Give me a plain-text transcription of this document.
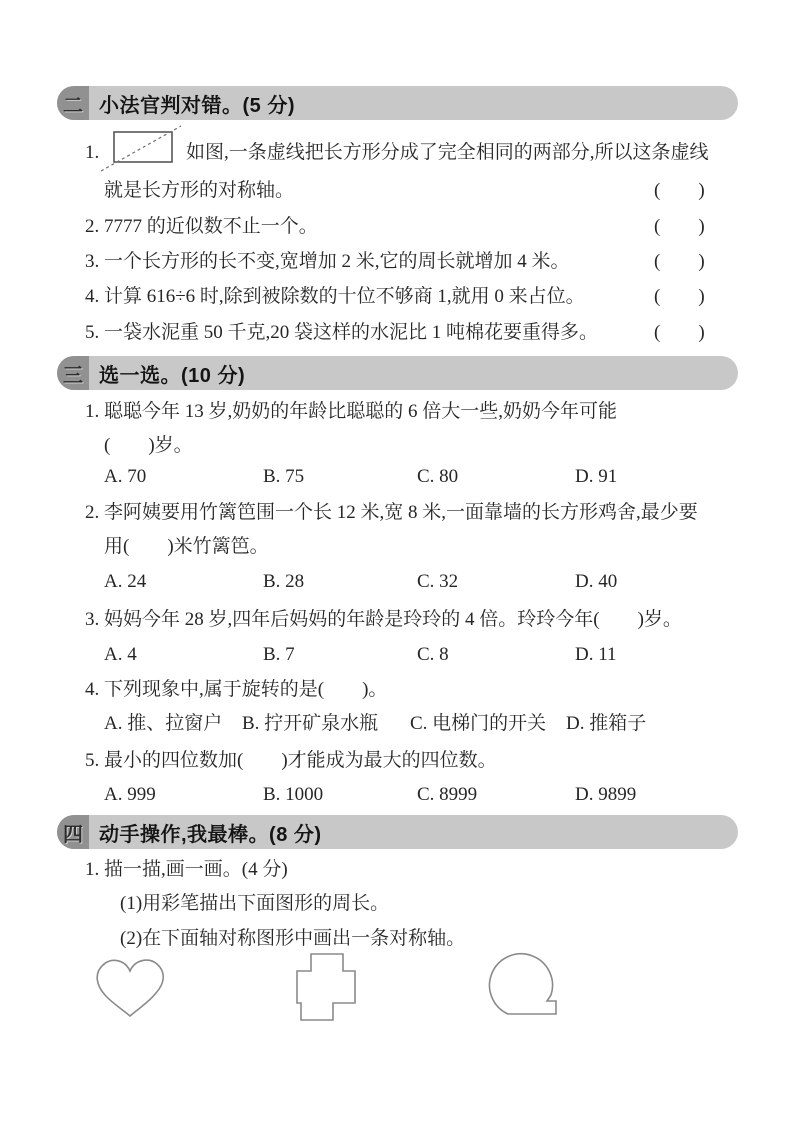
二 小法官判对错。(5 分)
1.	如图,一条虚线把长方形分成了完全相同的两部分,所以这条虚线
就是长方形的对称轴。	(　　)
2. 7777 的近似数不止一个。	(　　)
3. 一个长方形的长不变,宽增加 2 米,它的周长就增加 4 米。	(　　)
4. 计算 616÷6 时,除到被除数的十位不够商 1,就用 0 来占位。	(　　)
5. 一袋水泥重 50 千克,20 袋这样的水泥比 1 吨棉花要重得多。	(　　)
三 选一选。(10 分)
1. 聪聪今年 13 岁,奶奶的年龄比聪聪的 6 倍大一些,奶奶今年可能
(　　)岁。
A. 70	B. 75	C. 80	D. 91
2. 李阿姨要用竹篱笆围一个长 12 米,宽 8 米,一面靠墙的长方形鸡舍,最少要
用(　　)米竹篱笆。
A. 24	B. 28	C. 32	D. 40
3. 妈妈今年 28 岁,四年后妈妈的年龄是玲玲的 4 倍。玲玲今年(　　)岁。
A. 4	B. 7	C. 8	D. 11
4. 下列现象中,属于旋转的是(　　)。
A. 推、拉窗户 B. 拧开矿泉水瓶 C. 电梯门的开关 D. 推箱子
5. 最小的四位数加(　　)才能成为最大的四位数。
A. 999	B. 1000	C. 8999	D. 9899
四 动手操作,我最棒。(8 分)
1. 描一描,画一画。(4 分)
(1)用彩笔描出下面图形的周长。
(2)在下面轴对称图形中画出一条对称轴。
